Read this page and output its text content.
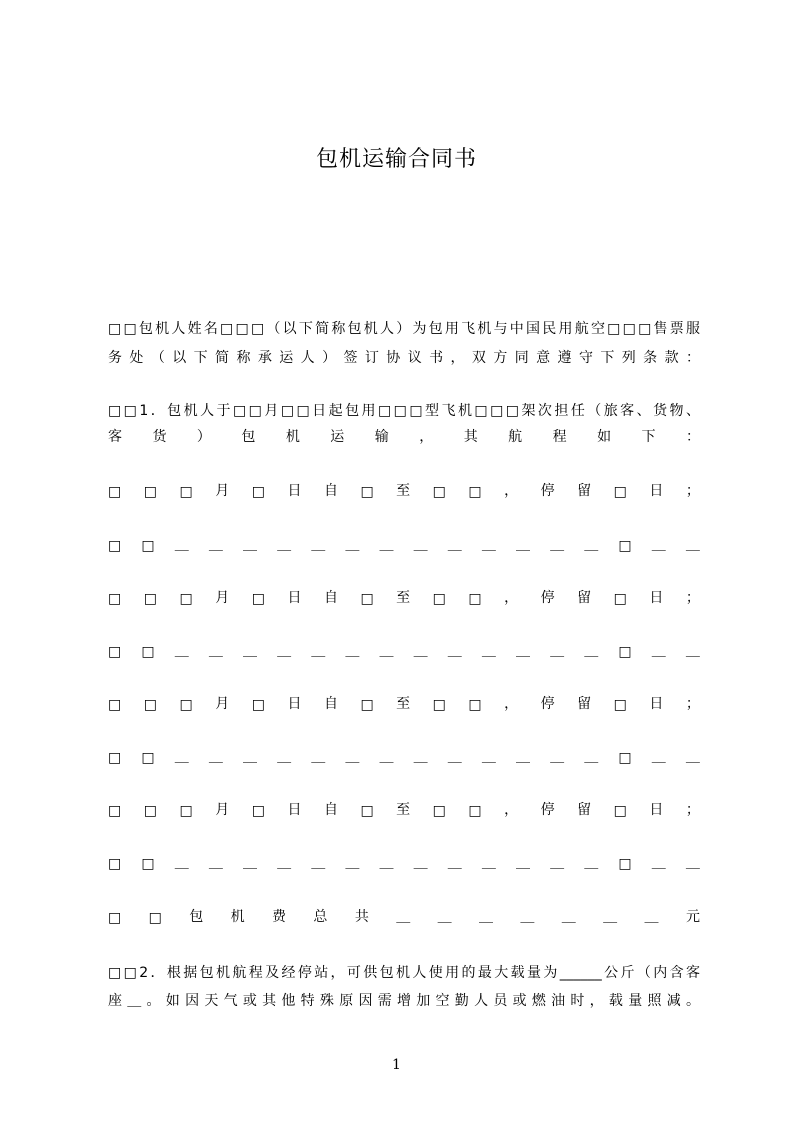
包机运输合同书
□□包机人姓名□□□（以下简称包机人）为包用飞机与中国民用航空□□□售票服
务处（以下简称承运人）签订协议书，双方同意遵守下列条款：
□□1．包机人于□□月□□日起包用□□□型飞机□□□架次担任（旅客、货物、
客货）包机运输，其航程如下：
□ □ □ 月 □ 日 自 □ 至 □ □ ， 停 留 □ 日 ；
□ □ ＿ ＿ ＿ ＿ ＿ ＿ ＿ ＿ ＿ ＿ ＿ ＿ ＿ □ ＿ ＿
□ □ □ 月 □ 日 自 □ 至 □ □ ， 停 留 □ 日 ；
□ □ ＿ ＿ ＿ ＿ ＿ ＿ ＿ ＿ ＿ ＿ ＿ ＿ ＿ □ ＿ ＿
□ □ □ 月 □ 日 自 □ 至 □ □ ， 停 留 □ 日 ；
□ □ ＿ ＿ ＿ ＿ ＿ ＿ ＿ ＿ ＿ ＿ ＿ ＿ ＿ □ ＿ ＿
□ □ □ 月 □ 日 自 □ 至 □ □ ， 停 留 □ 日 ；
□ □ ＿ ＿ ＿ ＿ ＿ ＿ ＿ ＿ ＿ ＿ ＿ ＿ ＿ □ ＿ ＿
□ □ 包 机 费 总 共 ＿ ＿ ＿ ＿ ＿ ＿ ＿ 元
□□2．根据包机航程及经停站，可供包机人使用的最大载量为______公斤（内含客
座＿。如因天气或其他特殊原因需增加空勤人员或燃油时，载量照减。
1
